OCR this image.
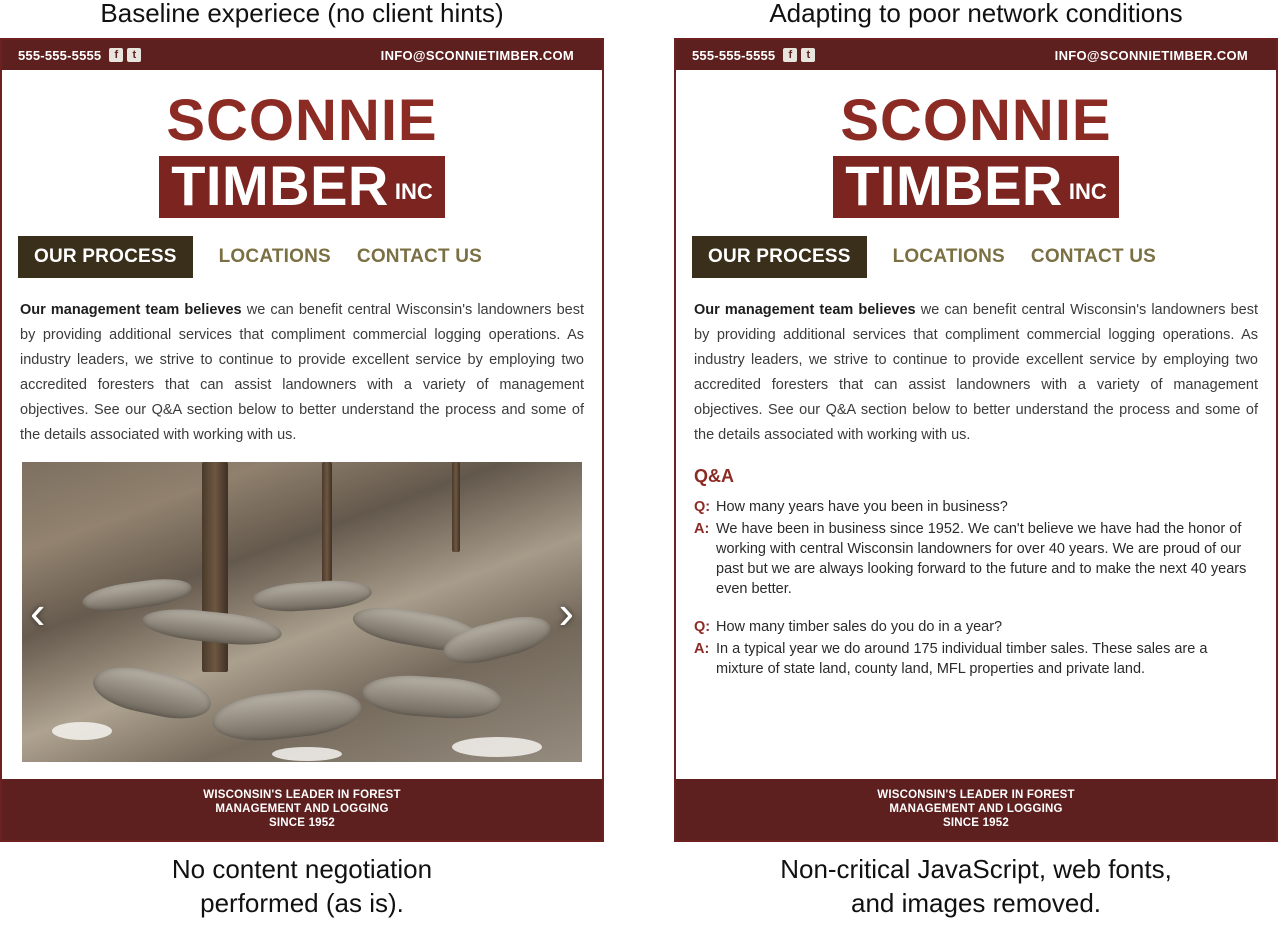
Baseline experiece (no client hints)	Adapting to poor network conditions
555-555-5555	f	t	INFO@SCONNIETIMBER.COM
SCONNIE
TIMBER INC
OUR PROCESS	LOCATIONS CONTACT US
Our management team believes we can benefit central Wisconsin's landowners best by providing additional services that compliment commercial logging operations. As industry leaders, we strive to continue to provide excellent service by employing two accredited foresters that can assist landowners with a variety of management objectives. See our Q&A section below to better understand the process and some of the details associated with working with us.
‹	›
WISCONSIN'S LEADER IN FOREST
MANAGEMENT AND LOGGING
SINCE 1952
555-555-5555	f	t	INFO@SCONNIETIMBER.COM
SCONNIE
TIMBER INC
OUR PROCESS	LOCATIONS CONTACT US
Our management team believes we can benefit central Wisconsin's landowners best by providing additional services that compliment commercial logging operations. As industry leaders, we strive to continue to provide excellent service by employing two accredited foresters that can assist landowners with a variety of management objectives. See our Q&A section below to better understand the process and some of the details associated with working with us.
Q&A
Q: How many years have you been in business?
A: We have been in business since 1952. We can't believe we have had the honor of working with central Wisconsin landowners for over 40 years. We are proud of our past but we are always looking forward to the future and to make the next 40 years even better.
Q: How many timber sales do you do in a year?
A: In a typical year we do around 175 individual timber sales. These sales are a mixture of state land, county land, MFL properties and private land.
WISCONSIN'S LEADER IN FOREST
MANAGEMENT AND LOGGING
SINCE 1952
No content negotiation
performed (as is).
Non-critical JavaScript, web fonts,
and images removed.
